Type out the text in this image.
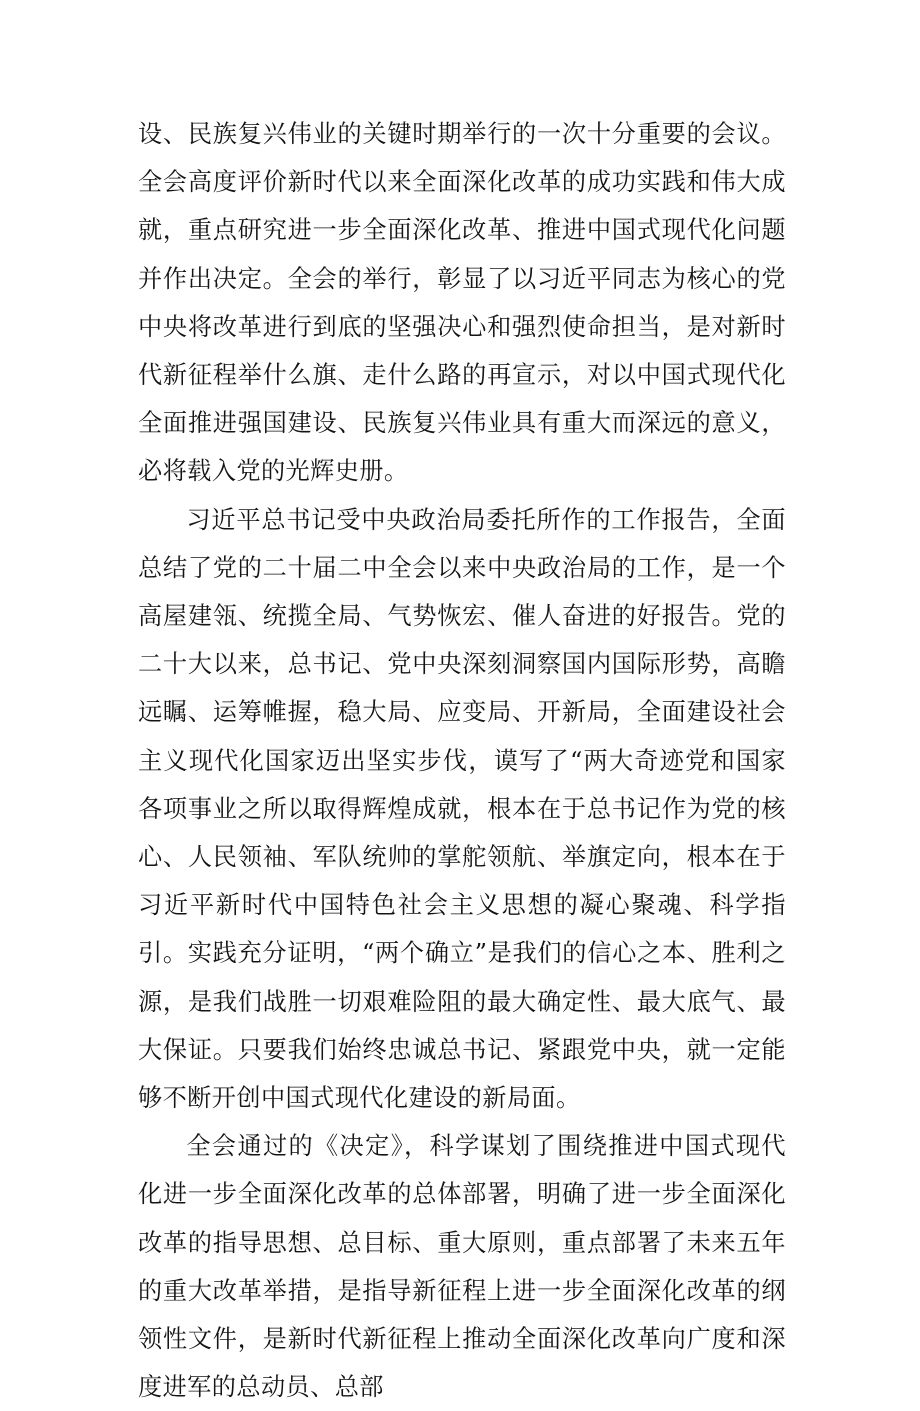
设、民族复兴伟业的关键时期举行的一次十分重要的会议。全会高度评价新时代以来全面深化改革的成功实践和伟大成就，重点研究进一步全面深化改革、推进中国式现代化问题并作出决定。全会的举行，彰显了以习近平同志为核心的党中央将改革进行到底的坚强决心和强烈使命担当，是对新时代新征程举什么旗、走什么路的再宣示，对以中国式现代化全面推进强国建设、民族复兴伟业具有重大而深远的意义，必将载入党的光辉史册。

习近平总书记受中央政治局委托所作的工作报告，全面总结了党的二十届二中全会以来中央政治局的工作，是一个高屋建瓴、统揽全局、气势恢宏、催人奋进的好报告。党的二十大以来，总书记、党中央深刻洞察国内国际形势，高瞻远瞩、运筹帷握，稳大局、应变局、开新局，全面建设社会主义现代化国家迈出坚实步伐，谟写了“两大奇迹党和国家各项事业之所以取得辉煌成就，根本在于总书记作为党的核心、人民领袖、军队统帅的掌舵领航、举旗定向，根本在于习近平新时代中国特色社会主义思想的凝心聚魂、科学指引。实践充分证明，“两个确立”是我们的信心之本、胜利之源，是我们战胜一切艰难险阻的最大确定性、最大底气、最大保证。只要我们始终忠诚总书记、紧跟党中央，就一定能够不断开创中国式现代化建设的新局面。

全会通过的《决定》，科学谋划了围绕推进中国式现代化进一步全面深化改革的总体部署，明确了进一步全面深化改革的指导思想、总目标、重大原则，重点部署了未来五年的重大改革举措，是指导新征程上进一步全面深化改革的纲领性文件，是新时代新征程上推动全面深化改革向广度和深度进军的总动员、总部
